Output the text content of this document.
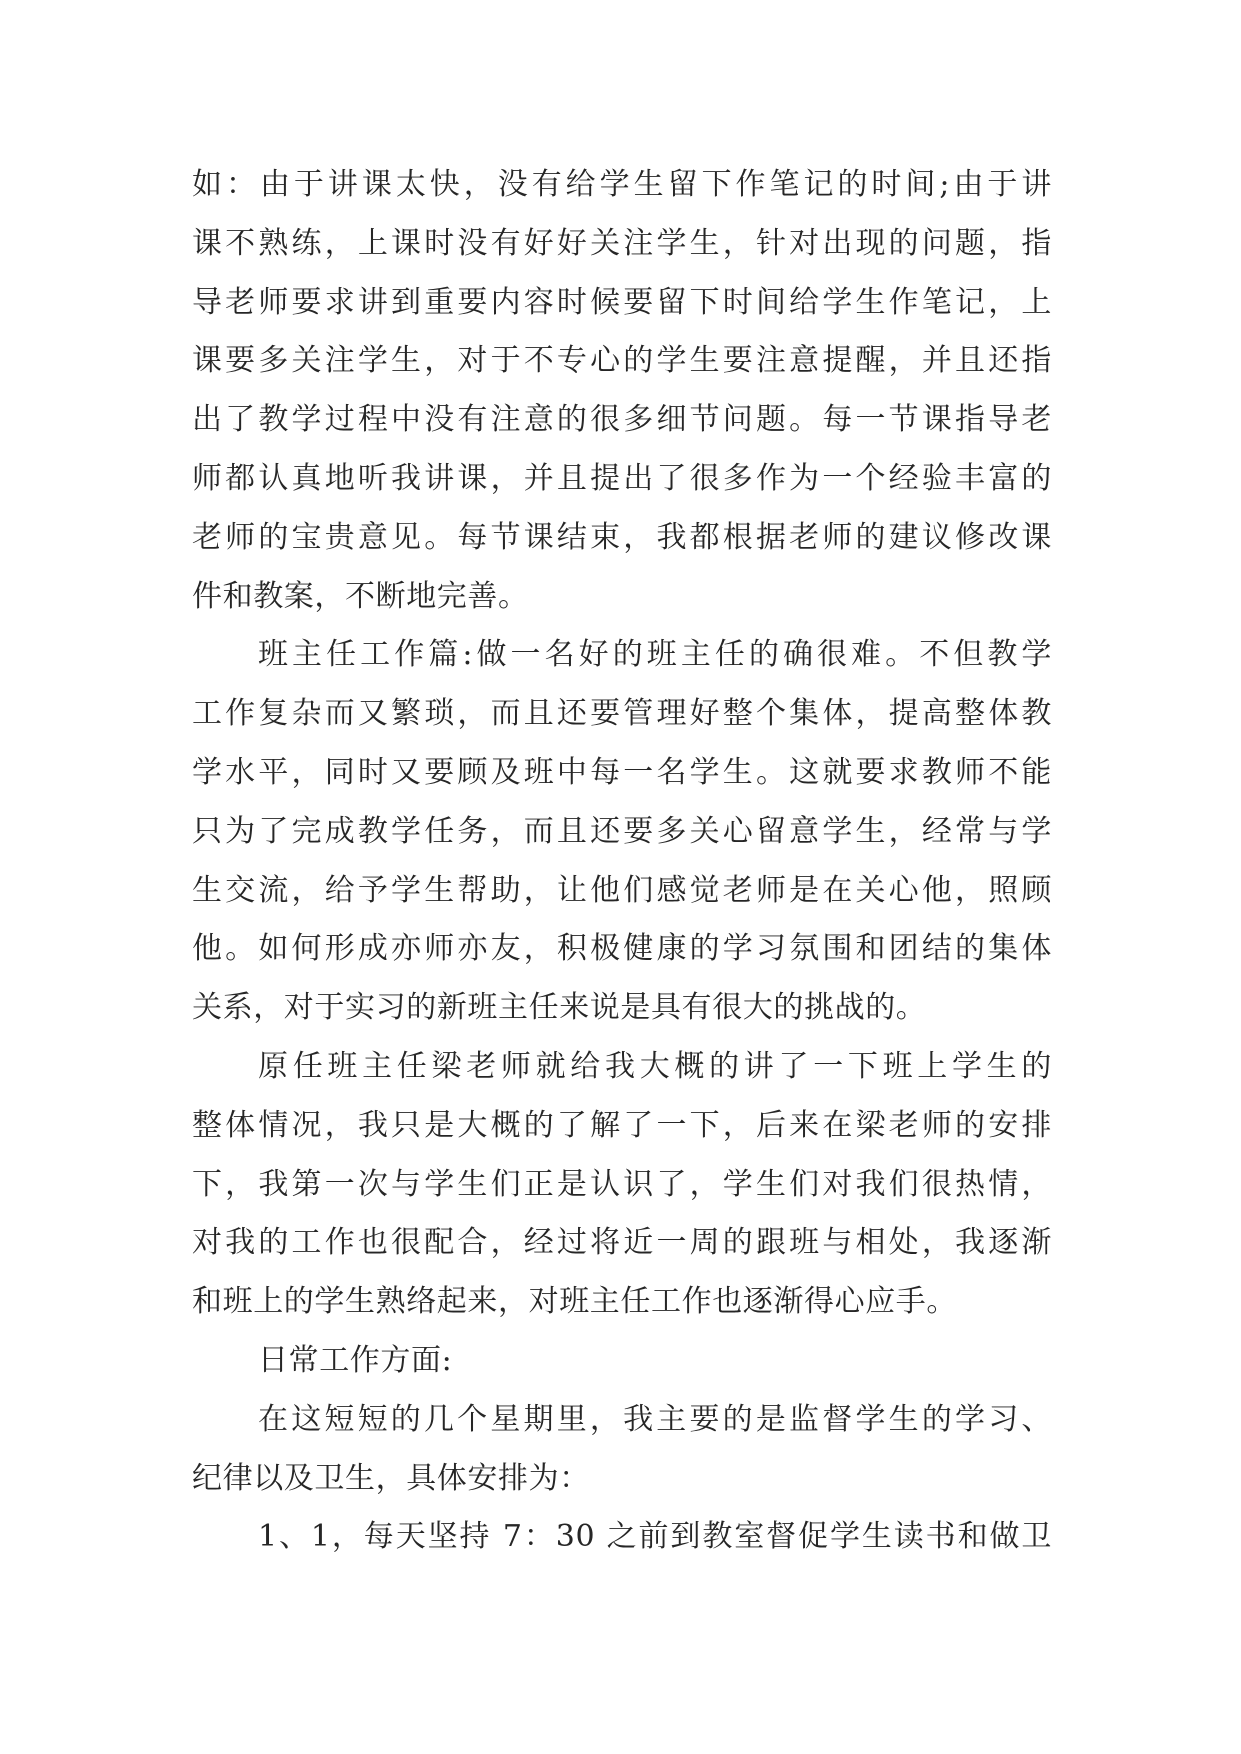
如：由于讲课太快，没有给学生留下作笔记的时间;由于讲
课不熟练，上课时没有好好关注学生，针对出现的问题，指
导老师要求讲到重要内容时候要留下时间给学生作笔记，上
课要多关注学生，对于不专心的学生要注意提醒，并且还指
出了教学过程中没有注意的很多细节问题。每一节课指导老
师都认真地听我讲课，并且提出了很多作为一个经验丰富的
老师的宝贵意见。每节课结束，我都根据老师的建议修改课
件和教案，不断地完善。
班主任工作篇:做一名好的班主任的确很难。不但教学
工作复杂而又繁琐，而且还要管理好整个集体，提高整体教
学水平，同时又要顾及班中每一名学生。这就要求教师不能
只为了完成教学任务，而且还要多关心留意学生，经常与学
生交流，给予学生帮助，让他们感觉老师是在关心他，照顾
他。如何形成亦师亦友，积极健康的学习氛围和团结的集体
关系，对于实习的新班主任来说是具有很大的挑战的。
原任班主任梁老师就给我大概的讲了一下班上学生的
整体情况，我只是大概的了解了一下，后来在梁老师的安排
下，我第一次与学生们正是认识了，学生们对我们很热情，
对我的工作也很配合，经过将近一周的跟班与相处，我逐渐
和班上的学生熟络起来，对班主任工作也逐渐得心应手。
日常工作方面:
在这短短的几个星期里，我主要的是监督学生的学习、
纪律以及卫生，具体安排为：
1、1，每天坚持 7：30 之前到教室督促学生读书和做卫
